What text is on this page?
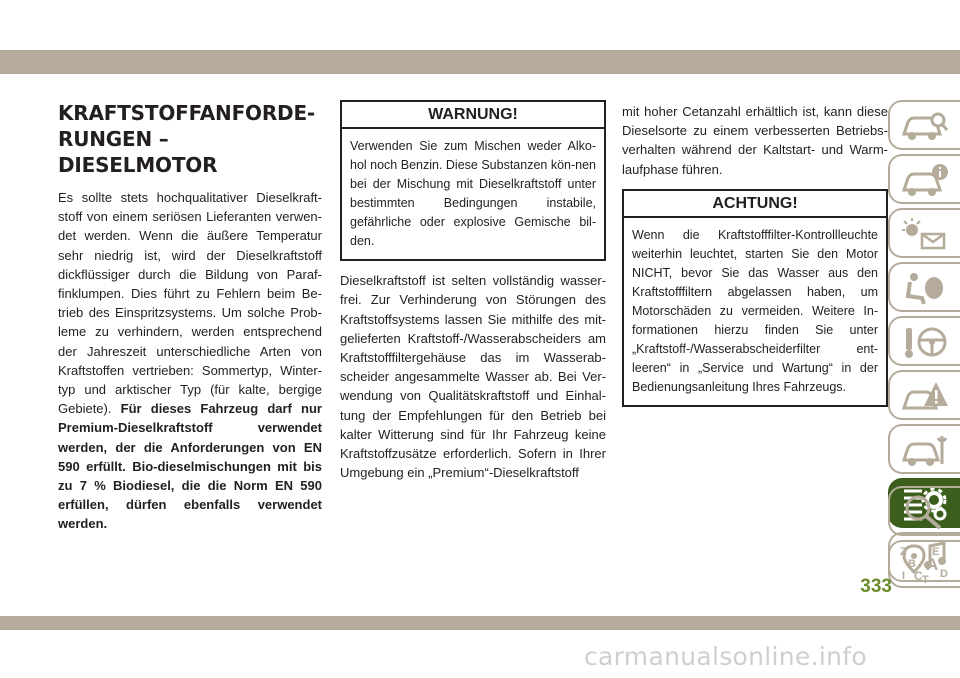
KRAFTSTOFFANFORDE-
RUNGEN – DIESELMOTOR

Es sollte stets hochqualitativer Dieselkraft-stoff von einem seriösen Lieferanten verwen-det werden. Wenn die äußere Temperatur sehr niedrig ist, wird der Dieselkraftstoff dickflüssiger durch die Bildung von Paraf-finklumpen. Dies führt zu Fehlern beim Be-trieb des Einspritzsystems. Um solche Prob-leme zu verhindern, werden entsprechend der Jahreszeit unterschiedliche Arten von Kraftstoffen vertrieben: Sommertyp, Winter-typ und arktischer Typ (für kalte, bergige Gebiete). Für dieses Fahrzeug darf nur Premium-Dieselkraftstoff verwendet werden, der die Anforderungen von EN 590 erfüllt. Bio-dieselmischungen mit bis zu 7 % Biodiesel, die die Norm EN 590 erfüllen, dürfen ebenfalls verwendet werden.

WARNUNG!
Verwenden Sie zum Mischen weder Alko-hol noch Benzin. Diese Substanzen kön-nen bei der Mischung mit Dieselkraftstoff unter bestimmten Bedingungen instabile, gefährliche oder explosive Gemische bil-den.

Dieselkraftstoff ist selten vollständig wasser-frei. Zur Verhinderung von Störungen des Kraftstoffsystems lassen Sie mithilfe des mit-gelieferten Kraftstoff-/Wasserabscheiders am Kraftstofffiltergehäuse das im Wasserab-scheider angesammelte Wasser ab. Bei Ver-wendung von Qualitätskraftstoff und Einhal-tung der Empfehlungen für den Betrieb bei kalter Witterung sind für Ihr Fahrzeug keine Kraftstoffzusätze erforderlich. Sofern in Ihrer Umgebung ein „Premium“-Dieselkraftstoff

mit hoher Cetanzahl erhältlich ist, kann diese Dieselsorte zu einem verbesserten Betriebs-verhalten während der Kaltstart- und Warm-laufphase führen.

ACHTUNG!
Wenn die Kraftstofffilter-Kontrollleuchte weiterhin leuchtet, starten Sie den Motor NICHT, bevor Sie das Wasser aus den Kraftstofffiltern abgelassen haben, um Motorschäden zu vermeiden. Weitere In-formationen hierzu finden Sie unter „Kraftstoff-/Wasserabscheiderfilter ent-leeren“ in „Service und Wartung“ in der Bedienungsanleitung Ihres Fahrzeugs.
Z E
B A
I C D
T
333
carmanualsonline.info
